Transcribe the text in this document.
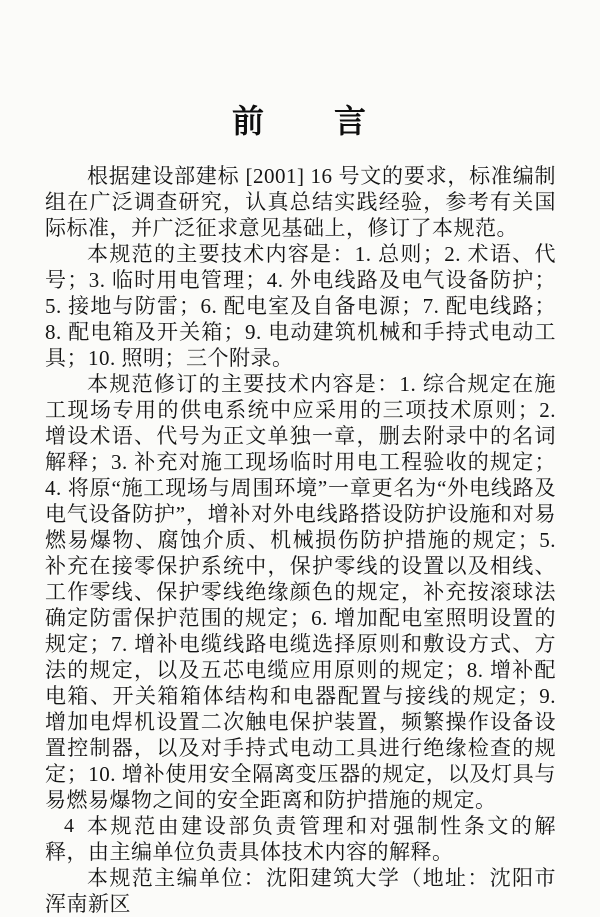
前　　言

根据建设部建标 [2001] 16 号文的要求，标准编制组在广泛调查研究，认真总结实践经验，参考有关国际标准，并广泛征求意见基础上，修订了本规范。

本规范的主要技术内容是：1. 总则；2. 术语、代号；3. 临时用电管理；4. 外电线路及电气设备防护；5. 接地与防雷；6. 配电室及自备电源；7. 配电线路；8. 配电箱及开关箱；9. 电动建筑机械和手持式电动工具；10. 照明；三个附录。

本规范修订的主要技术内容是：1. 综合规定在施工现场专用的供电系统中应采用的三项技术原则；2. 增设术语、代号为正文单独一章，删去附录中的名词解释；3. 补充对施工现场临时用电工程验收的规定；4. 将原“施工现场与周围环境”一章更名为“外电线路及电气设备防护”，增补对外电线路搭设防护设施和对易燃易爆物、腐蚀介质、机械损伤防护措施的规定；5. 补充在接零保护系统中，保护零线的设置以及相线、工作零线、保护零线绝缘颜色的规定，补充按滚球法确定防雷保护范围的规定；6. 增加配电室照明设置的规定；7. 增补电缆线路电缆选择原则和敷设方式、方法的规定，以及五芯电缆应用原则的规定；8. 增补配电箱、开关箱箱体结构和电器配置与接线的规定；9. 增加电焊机设置二次触电保护装置，频繁操作设备设置控制器，以及对手持式电动工具进行绝缘检查的规定；10. 增补使用安全隔离变压器的规定，以及灯具与易燃易爆物之间的安全距离和防护措施的规定。

本规范由建设部负责管理和对强制性条文的解释，由主编单位负责具体技术内容的解释。

本规范主编单位：沈阳建筑大学（地址：沈阳市浑南新区

4
